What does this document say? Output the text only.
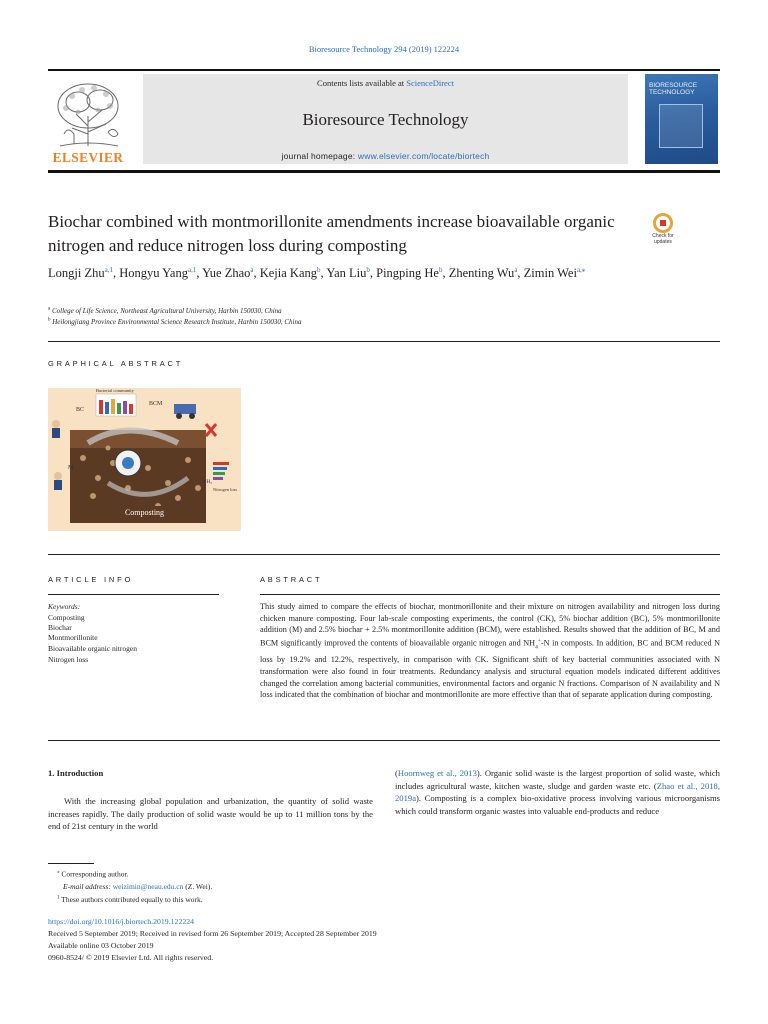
Bioresource Technology 294 (2019) 122224
ELSEVIER
Contents lists available at ScienceDirect
Bioresource Technology
journal homepage: www.elsevier.com/locate/biortech
BIORESOURCE TECHNOLOGY
Biochar combined with montmorillonite amendments increase bioavailable organic nitrogen and reduce nitrogen loss during composting	Check for updates
Longji Zhu$^{a,1}$, Hongyu Yang$^{a,1}$, Yue Zhao$^a$, Kejia Kang$^b$, Yan Liu$^b$, Pingping He$^b$, Zhenting Wu$^a$, Zimin Wei$^{a,⁎}$
$^a$ College of Life Science, Northeast Agricultural University, Harbin 150030, China
$^b$ Heilongjiang Province Environmental Science Research Institute, Harbin 150030, China
GRAPHICAL ABSTRACT
Bacterial community
BC
BCM
M
NH₃
Nitrogen loss
Composting
ARTICLE INFO	ABSTRACT
Keywords:
Composting
Biochar
Montmorillonite
Bioavailable organic nitrogen
Nitrogen loss
This study aimed to compare the effects of biochar, montmorillonite and their mixture on nitrogen availability and nitrogen loss during chicken manure composting. Four lab-scale composting experiments, the control (CK), 5% biochar addition (BC), 5% montmorillonite addition (M) and 2.5% biochar + 2.5% montmorillonite addition (BCM), were established. Results showed that the addition of BC, M and BCM significantly improved the contents of bioavailable organic nitrogen and $NH_4^+-N$ in composts. In addition, BC and BCM reduced N loss by 19.2% and 12.2%, respectively, in comparison with CK. Significant shift of key bacterial communities associated with N transformation were also found in four treatments. Redundancy analysis and structural equation models indicated different additives changed the correlation among bacterial communities, environmental factors and organic N fractions. Comparison of N availability and N loss indicated that the combination of biochar and montmorillonite are more effective than that of separate application during composting.
1. Introduction
With the increasing global population and urbanization, the quantity of solid waste increases rapidly. The daily production of solid waste would be up to 11 million tons by the end of 21st century in the world
(Hoornweg et al., 2013). Organic solid waste is the largest proportion of solid waste, which includes agricultural waste, kitchen waste, sludge and garden waste etc. (Zhao et al., 2018, 2019a). Composting is a complex bio-oxidative process involving various microorganisms which could transform organic wastes into valuable end-products and reduce
⁎ Corresponding author.
E-mail address: weizimin@neau.edu.cn (Z. Wei).
$^1$ These authors contributed equally to this work.
https://doi.org/10.1016/j.biortech.2019.122224
Received 5 September 2019; Received in revised form 26 September 2019; Accepted 28 September 2019
Available online 03 October 2019
0960-8524/ © 2019 Elsevier Ltd. All rights reserved.
